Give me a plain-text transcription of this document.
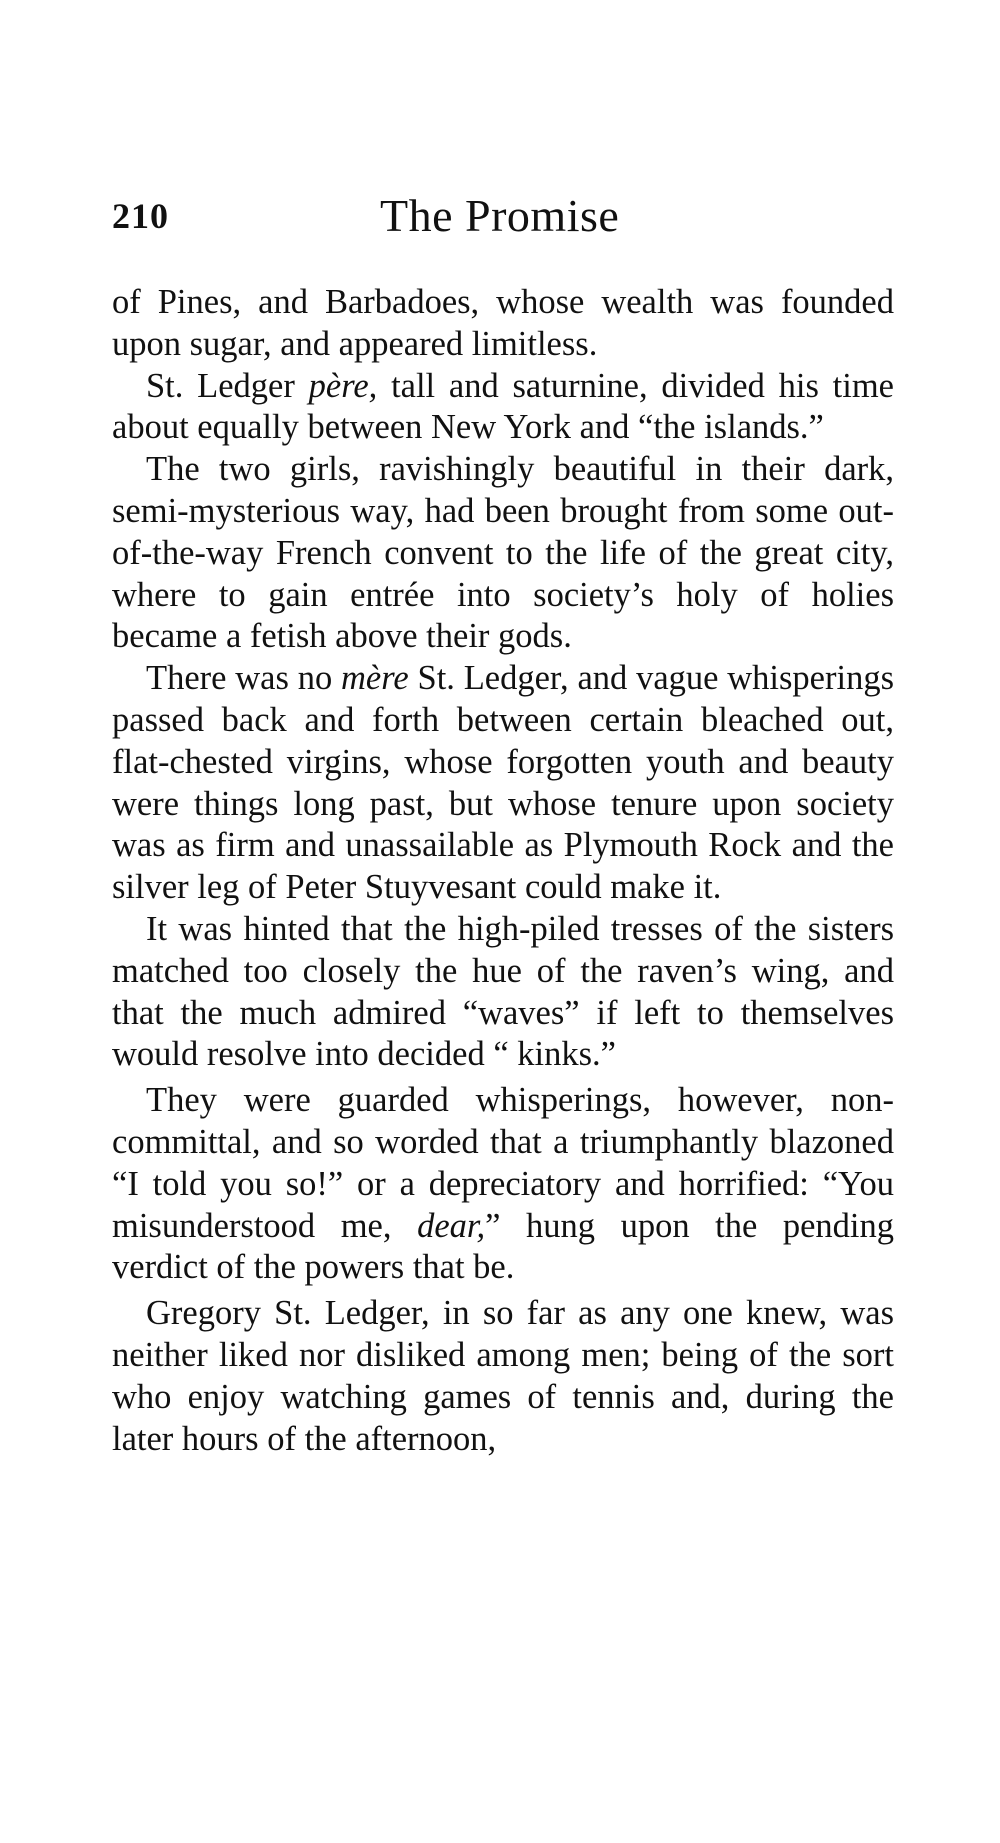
210	The Promise

of Pines, and Barbadoes, whose wealth was founded upon sugar, and appeared limitless.

St. Ledger père, tall and saturnine, divided his time about equally between New York and “the islands.”

The two girls, ravishingly beautiful in their dark, semi-mysterious way, had been brought from some out-of-the-way French convent to the life of the great city, where to gain entrée into society’s holy of holies became a fetish above their gods.

There was no mère St. Ledger, and vague whisperings passed back and forth between certain bleached out, flat-chested virgins, whose forgotten youth and beauty were things long past, but whose tenure upon society was as firm and unassailable as Plymouth Rock and the silver leg of Peter Stuyvesant could make it.

It was hinted that the high-piled tresses of the sisters matched too closely the hue of the raven’s wing, and that the much admired “waves” if left to themselves would resolve into decided “ kinks.”

They were guarded whisperings, however, non-committal, and so worded that a triumphantly blazoned “I told you so!” or a depreciatory and horrified: “You misunderstood me, dear,” hung upon the pending verdict of the powers that be.

Gregory St. Ledger, in so far as any one knew, was neither liked nor disliked among men; being of the sort who enjoy watching games of tennis and, during the later hours of the afternoon,
